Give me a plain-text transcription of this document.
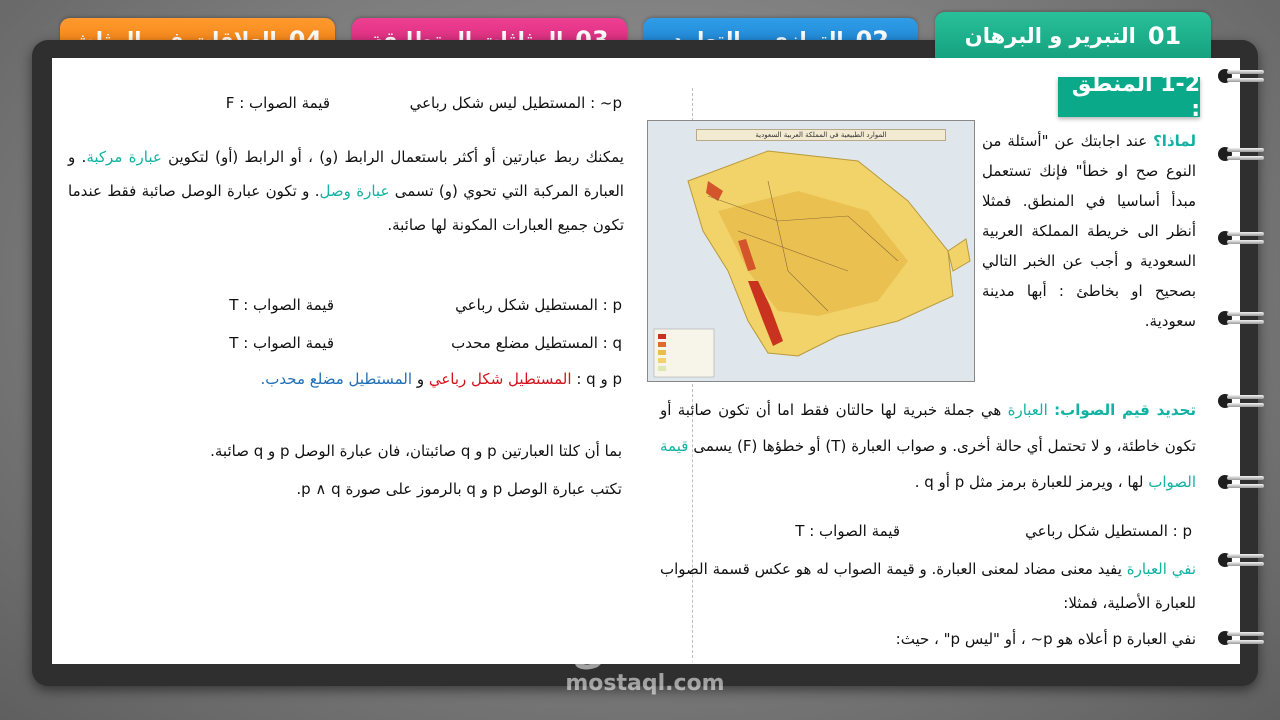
01
التبرير و البرهان
1-2 المنطق :
الموارد الطبيعية في المملكة العربية السعودية	لماذا؟ عند اجابتك عن "أسئلة من النوع صح او خطأ" فإنك تستعمل مبدأ أساسيا في المنطق. فمثلا أنظر الى خريطة المملكة العربية السعودية و أجب عن الخبر التالي بصحيح او بخاطئ : أبها مدينة سعودية.
تحديد قيم الصواب: العبارة هي جملة خبرية لها حالتان فقط اما أن تكون صائبة أو تكون خاطئة، و لا تحتمل أي حالة أخرى. و صواب العبارة (T) أو خطؤها (F) يسمى قيمة الصواب لها ، ويرمز للعبارة برمز مثل p أو q .
p : المستطيل شكل رباعي
قيمة الصواب : T
نفي العبارة يفيد معنى مضاد لمعنى العبارة. و قيمة الصواب له هو عكس قسمة الصواب للعبارة الأصلية، فمثلا:
نفي العبارة p أعلاه هو p~ ، أو "ليس p" ، حيث:
p~ : المستطيل ليس شكل رباعي
قيمة الصواب : F
يمكنك ربط عبارتين أو أكثر باستعمال الرابط (و) ، أو الرابط (أو) لتكوين عبارة مركبة. و العبارة المركبة التي تحوي (و) تسمى عبارة وصل. و تكون عبارة الوصل صائبة فقط عندما تكون جميع العبارات المكونة لها صائبة.
p : المستطيل شكل رباعي
قيمة الصواب : T
q : المستطيل مضلع محدب
قيمة الصواب : T
p و q : المستطيل شكل رباعي و المستطيل مضلع محدب.
بما أن كلتا العبارتين p و q صائبتان، فان عبارة الوصل p و q صائبة.
تكتب عبارة الوصل p و q بالرموز على صورة p ∧ q.
مستقل
mostaql.com
